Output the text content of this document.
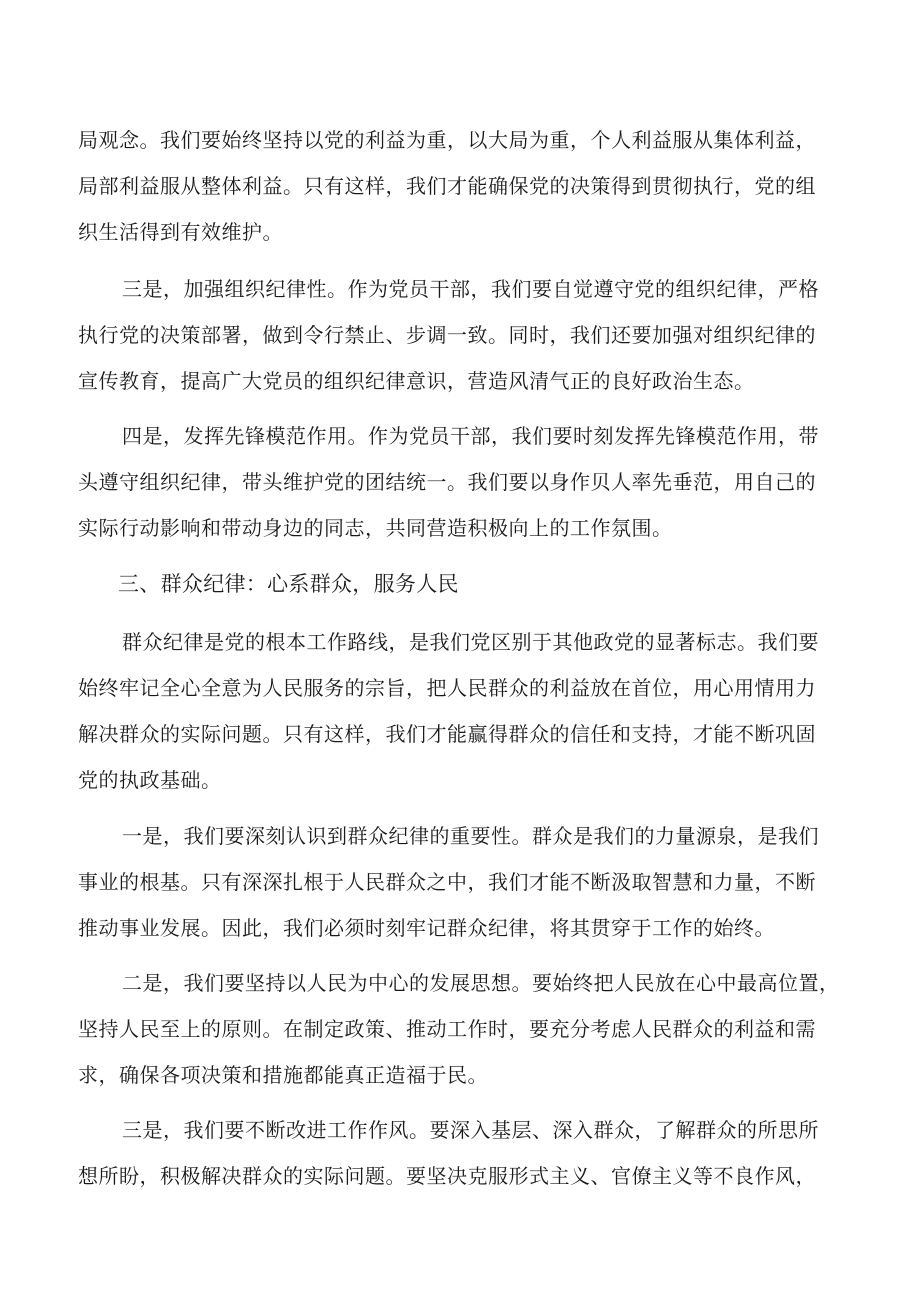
局观念。我们要始终坚持以党的利益为重，以大局为重，个人利益服从集体利益，
局部利益服从整体利益。只有这样，我们才能确保党的决策得到贯彻执行，党的组
织生活得到有效维护。
三是，加强组织纪律性。作为党员干部，我们要自觉遵守党的组织纪律，严格
执行党的决策部署，做到令行禁止、步调一致。同时，我们还要加强对组织纪律的
宣传教育，提高广大党员的组织纪律意识，营造风清气正的良好政治生态。
四是，发挥先锋模范作用。作为党员干部，我们要时刻发挥先锋模范作用，带
头遵守组织纪律，带头维护党的团结统一。我们要以身作贝人率先垂范，用自己的
实际行动影响和带动身边的同志，共同营造积极向上的工作氛围。
三、群众纪律：心系群众，服务人民
群众纪律是党的根本工作路线，是我们党区别于其他政党的显著标志。我们要
始终牢记全心全意为人民服务的宗旨，把人民群众的利益放在首位，用心用情用力
解决群众的实际问题。只有这样，我们才能赢得群众的信任和支持，才能不断巩固
党的执政基础。
一是，我们要深刻认识到群众纪律的重要性。群众是我们的力量源泉，是我们
事业的根基。只有深深扎根于人民群众之中，我们才能不断汲取智慧和力量，不断
推动事业发展。因此，我们必须时刻牢记群众纪律，将其贯穿于工作的始终。
二是，我们要坚持以人民为中心的发展思想。要始终把人民放在心中最高位置，
坚持人民至上的原则。在制定政策、推动工作时，要充分考虑人民群众的利益和需
求，确保各项决策和措施都能真正造福于民。
三是，我们要不断改进工作作风。要深入基层、深入群众，了解群众的所思所
想所盼，积极解决群众的实际问题。要坚决克服形式主义、官僚主义等不良作风，
